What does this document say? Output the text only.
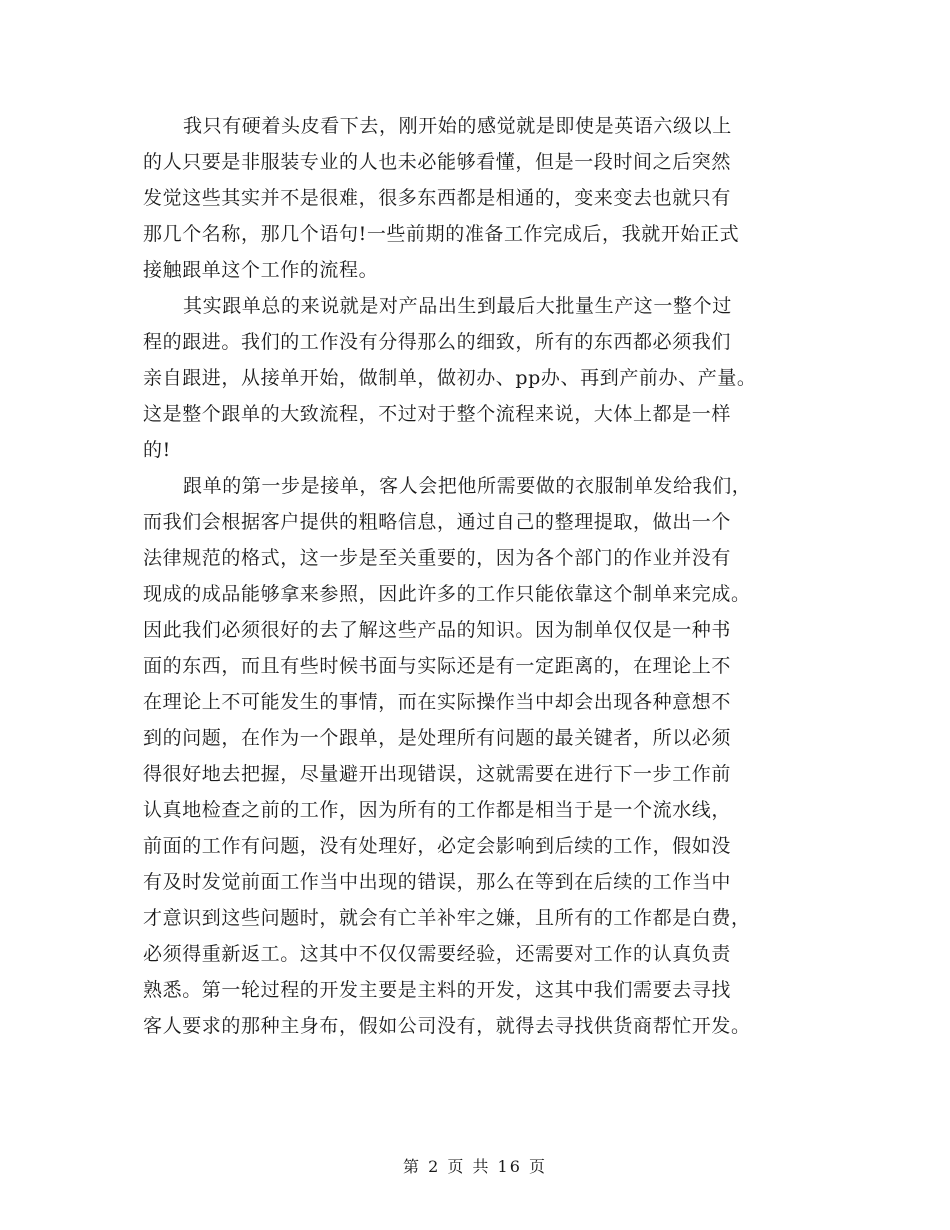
我只有硬着头皮看下去，刚开始的感觉就是即使是英语六级以上
的人只要是非服装专业的人也未必能够看懂，但是一段时间之后突然
发觉这些其实并不是很难，很多东西都是相通的，变来变去也就只有
那几个名称，那几个语句!一些前期的准备工作完成后，我就开始正式
接触跟单这个工作的流程。
其实跟单总的来说就是对产品出生到最后大批量生产这一整个过
程的跟进。我们的工作没有分得那么的细致，所有的东西都必须我们
亲自跟进，从接单开始，做制单，做初办、pp办、再到产前办、产量。
这是整个跟单的大致流程，不过对于整个流程来说，大体上都是一样
的!
跟单的第一步是接单，客人会把他所需要做的衣服制单发给我们，
而我们会根据客户提供的粗略信息，通过自己的整理提取，做出一个
法律规范的格式，这一步是至关重要的，因为各个部门的作业并没有
现成的成品能够拿来参照，因此许多的工作只能依靠这个制单来完成。
因此我们必须很好的去了解这些产品的知识。因为制单仅仅是一种书
面的东西，而且有些时候书面与实际还是有一定距离的，在理论上不
在理论上不可能发生的事情，而在实际操作当中却会出现各种意想不
到的问题，在作为一个跟单，是处理所有问题的最关键者，所以必须
得很好地去把握，尽量避开出现错误，这就需要在进行下一步工作前
认真地检查之前的工作，因为所有的工作都是相当于是一个流水线，
前面的工作有问题，没有处理好，必定会影响到后续的工作，假如没
有及时发觉前面工作当中出现的错误，那么在等到在后续的工作当中
才意识到这些问题时，就会有亡羊补牢之嫌，且所有的工作都是白费，
必须得重新返工。这其中不仅仅需要经验，还需要对工作的认真负责
熟悉。第一轮过程的开发主要是主料的开发，这其中我们需要去寻找
客人要求的那种主身布，假如公司没有，就得去寻找供货商帮忙开发。
第 2 页 共 16 页
